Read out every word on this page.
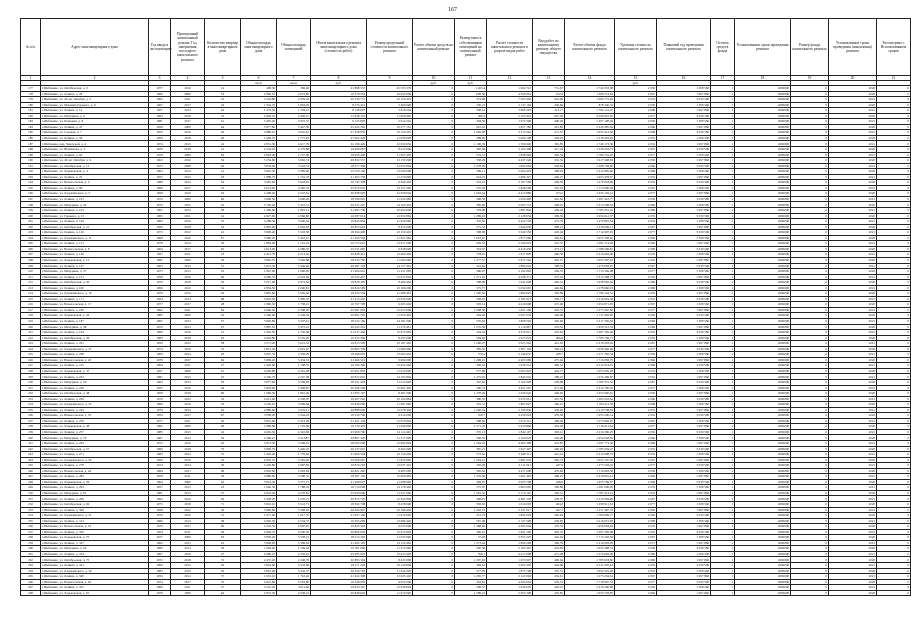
167
№ п/п	Адрес многоквартирного дома	Год ввода в эксплуатацию	Проведенный капитальный ремонт/ Год завершения последнего капитального ремонта	Количество квартир в многоквартирном доме	Общая площадь многоквартирного дома	Общая площадь помещений	Объем капитального ремонта многоквартирного дома (стоимость работ)	Размер предельной стоимости капитального ремонта	Расчет объема средств на капитальный ремонт	Размер взноса собственников помещений на капитальный ремонт	Расчет стоимости капитального ремонта в разрезе видов работ	Вид работ по капитальному ремонту общего имущества	Расчет объема фонда капитального ремонта	Удельная стоимость капитального ремонта	Плановый год проведения капитального ремонта	Остаток средств фонда	Установленные сроки проведения ремонта	Размер фонда капитального ремонта	Установленные сроки проведения (накопления) ремонта	Рассмотрено с Использованием сроков
1	2	3	4	5	6	7	8	9	10	11	12	13	14	15	16	17	18	19	20	21
					кв.м	кв.м	руб.		руб.	руб.				руб.						
177	г.Шебекино, ул. Октябрьская, д. 9	1977	2016	14	408,30	369,40	21 898 537	45 533 379	0	1 263,4	1 664 721	751,67	1 742 953,08	2 030	1 308 560	1	2000000	0	2020	0
178	г.Шебекино, ул. Ленина, д. 28	1960	2009	53	2 840,10	2 615,80	16 278 263	10 654 000	0	609,58	4 459 961	472,8	1 288 714,64	2 067	1 997 860	1	2000000	0	2020	0
179	г.Шебекино, ул. 40 лет Октября, д. 5	1962	2011	16	3 244,80	2 976,43	26 736 751	10 150 401	0	374,08	7 305 962	601,69	1 906 772,04	2 076	3 030 590	1	2000000	0	2021	0
180	г.Шебекино, ул. Максима Горького, д. 9	1967	2017	34	1 934,70	1 818,20	8 276 413	5 460 000	0	330,21	2 137 164	430,66	878 340,53	2 030	1 308 560	1	2000000	0	2020	0
181	г.Шебекино, ул. Ленина, д. 12	1957	2014	44	1 475,50	1 359,41	8 148 097	2 616 004	0	308,61	5 096 293	413,17	1 794 131,47	2 068	1 997 860	1	2000000	0	2021	0
182	г.Шебекино, ул. Мичурина, д. 6	1963	2018	16	4 920,10	4 458,27	11 938 154	11 000 000	0	380,4	2 105 941	607,59	3 290 810,95	2 077	3 030 590	1	2000000	0	2020	0
183	г.Шебекино, ул. Парковая, д. 8	1981	2017	41	3 281,40	3 019,57	6 125 803	2 614 201	0	304,39	1 670 308	400,18	1 297 108,04	2 030	1 308 560	1	2000000	0	2021	0
184	г.Шебекино, ул. Ленина, д. 47	1958	2008	64	5 877,80	5 447,30	25 445 302	16 277 101	0	601,16	1 857 180	412,85	2 228 485,94	2 066	1 997 860	1	2000000	0	2020	0
185	г.Шебекино, ул. Садовая, д. 7	1970	2010	46	3 880,10	3 610,91	27 238 659	10 150 401	0	1 049,28	2 113 542	471,37	1 955 412,02	2 068	3 030 590	1	2000000	0	2021	0
186	г.Шебекино, ул. Ленина, д. 58	1959	2018	60	1 958,70	1 777,93	27 962 429	11 058 000	0	289,06	5 066 108	394,25	1 278 401,45	2 076	1 308 560	1	2000000	0	2020	0
187	г.Шебекино, пер. Заводской, д. 4	1974	2013	24	4 951,50	4 617,79	22 196 426	12 650 054	0	1 100,59	1 769 626	381,85	1 740 173,36	2 032	1 997 860	1	2000000	0	2021	0
188	г.Шебекино, ул. Шумилова, д. 3	1976	2018	31	4 524,10	4 179,88	16 668 087	8 413 000	0	382,48	2 192 308	417,24	1 228 301,73	2 067	3 030 590	1	2000000	0	2020	0
189	г.Шебекино, ул. Ленина, д. 60	1978	2009	64	2 963,00	2 727,49	18 956 400	11 097 430	0	576,31	1 838 964	402,54	1 786 710,20	2 077	1 308 560	1	2000000	0	2021	0
190	г.Шебекино, ул. 40 лет Октября, д. 9	1963	2016	54	3 254,80	3 002,74	20 832 537	13 156 000	0	358,29	4 437 226	432,56	1 917 648,83	2 030	1 997 860	1	2000000	0	2020	0
191	г.Шебекино, ул. Октябрьская, д. 12	1975	2008	65	3 834,90	3 524,74	18 277 306	12 652 804	0	1 270,09	1 692 063	458,94	1 298 702,60	2 066	3 030 590	1	2000000	0	2021	0
192	г.Шебекино, ул. Харьковская, д. 4	1964	2014	14	5 810,30	5 385,46	12 550 102	13 040 000	0	396,11	5 064 419	398,93	2 212 805,66	2 068	1 308 560	1	2000000	0	2020	0
193	г.Шебекино, ул. Ленина, д. 70	1955	2015	18	1 888,70	1 716,33	21 463 738	11 270 000	0	624,19	1 686 327	446,27	1 953 478,67	2 076	1 997 860	1	2000000	0	2021	0
194	г.Шебекино, ул. Нежегольская, д. 2	1980	2012	54	3 965,60	3 643,65	16 745 308	9 640 402	0	352,41	2 197 590	409,59	1 279 218,96	2 032	3 030 590	1	2000000	0	2020	0
195	г.Шебекино, ул. Ленина, д. 89	1968	2017	51	4 614,60	4 282,53	25 972 016	13 151 000	0	576,03	1 828 508	391,01	1 713 090,04	2 067	1 308 560	1	2000000	0	2021	0
196	г.Шебекино, ул. Дзержинского, д. 5	1959	2010	24	2 408,40	2 210,61	20 838 605	12 658 004	0	1 064,44	4 415 880	473,2	1 956 104,12	2 077	1 997 860	1	2000000	0	2020	0
197	г.Шебекино, ул. Ленина, д. 101	1972	2009	66	3 890,50	3 600,26	18 596 010	11 034 000	0	308,58	1 656 420	401,02	1 287 441,77	2 030	3 030 590	1	2000000	0	2021	0
198	г.Шебекино, ул. Мичурина, д. 24	1979	2015	45	5 792,40	5 341,51	26 231 207	14 160 401	0	385,96	5 063 731	448,25	2 213 508,54	2 066	1 308 560	1	2000000	0	2020	0
199	г.Шебекино, ул. Ленина, д. 103	1961	2013	58	1 990,60	1 816,11	21 965 706	10 654 000	0	578,08	1 881 842	439,43	1 785 431,41	2 068	1 997 860	1	2000000	0	2021	0
200	г.Шебекино, ул. Горького, д. 15	1965	2011	14	4 927,00	4 566,82	16 287 014	12 652 804	0	1 289,02	2 128 054	399,35	1 954 612,37	2 076	3 030 590	1	2000000	0	2020	0
201	г.Шебекино, ул. Ленина, д. 120	1982	2016	55	3 288,30	3 040,44	19 845 804	11 050 000	0	355,82	4 422 743	472,79	1 270 881,54	2 032	1 308 560	1	2000000	0	2021	0
202	г.Шебекино, ул. Октябрьская, д. 21	1956	2018	54	2 865,60	2 663,83	26 853 604	8 474 000	0	575,52	1 644 036	408,14	2 218 000,11	2 067	1 997 860	1	2000000	0	2020	0
203	г.Шебекино, ул. Ленина, д. 126	1973	2012	41	3 828,40	3 518,58	18 294 400	10 150 401	0	398,06	5 040 558	445,04	1 714 907,91	2 077	3 030 590	1	2000000	0	2021	0
204	г.Шебекино, ул. Дзержинского, д. 11	1969	2010	67	5 800,20	5 401,47	21 450 502	11 651 040	0	1 091,47	1 877 096	392,01	1 955 330,42	2 030	1 308 560	1	2000000	0	2020	0
205	г.Шебекино, ул. Ленина, д. 131	1978	2014	30	1 884,90	1 701,23	16 775 001	13 071 000	0	629,53	2 166 019	437,37	1 281 714,28	2 066	1 997 860	1	2000000	0	2021	0
206	г.Шебекино, ул. Нежегольская, д. 8	1964	2017	65	4 613,90	4 280,53	25 911 090	9 658 000	0	353,67	4 419 430	473,71	1 788 506,81	2 068	3 030 590	1	2000000	0	2020	0
207	г.Шебекино, ул. Ленина, д. 140	1957	2011	23	2 412,70	2 213,42	20 848 412	12 690 402	0	578,22	1 617 805	400,58	2 214 063,90	2 076	1 308 560	1	2000000	0	2021	0
208	г.Шебекино, ул. Харьковская, д. 15	1981	2009	56	3 865,70	3 562,88	18 532 706	11 064 000	0	1 277,37	5 071 542	445,15	1 953 287,43	2 032	1 997 860	1	2000000	0	2020	0
209	г.Шебекино, ул. Ленина, д. 147	1963	2015	51	5 874,30	5 436,40	26 287 102	14 157 401	0	341,04	1 894 016	398,31	1 276 802,25	2 067	3 030 590	1	2000000	0	2021	0
210	г.Шебекино, ул. Мичурина, д. 37	1975	2013	19	1 967,90	1 806,95	21 904 601	11 251 000	0	596,97	2 192 802	436,53	1 713 549,08	2 077	1 308 560	1	2000000	0	2020	0
211	г.Шебекино, ул. Ленина, д. 151	1958	2016	60	4 906,70	4 543,04	16 222 407	12 612 804	0	1 271,25	4 438 371	475,22	2 215 308,77	2 030	1 997 860	1	2000000	0	2021	0
212	г.Шебекино, ул. Октябрьская, д. 30	1970	2018	36	3 217,00	2 973,62	19 878 305	8 490 402	0	308,99	1 641 928	402,12	1 958 002,64	2 066	3 030 590	1	2000000	0	2020	0
213	г.Шебекино, ул. Ленина, д. 160	1966	2012	54	2 854,50	2 640,81	26 824 509	10 166 000	0	575,77	5 034 667	446,64	1 278 660,19	2 068	1 308 560	1	2000000	0	2021	0
214	г.Шебекино, ул. Дзержинского, д. 19	1979	2010	42	3 881,80	3 595,46	18 222 504	11 688 401	0	1 260,02	1 860 025	395,89	1 786 144,51	2 076	1 997 860	1	2000000	0	2020	0
215	г.Шебекино, ул. Ленина, д. 171	1954	2014	68	5 822,50	5 385,55	21 413 302	13 034 000	0	358,91	2 182 913	439,71	2 216 091,36	2 032	3 030 590	1	2000000	0	2021	0
216	г.Шебекино, ул. Нежегольская, д. 17	1977	2017	28	1 890,30	1 738,21	16 797 708	9 603 404	0	593,14	4 419 608	472,06	1 954 871,05	2 067	1 308 560	1	2000000	0	2020	0
217	г.Шебекино, ул. Ленина, д. 180	1962	2011	64	4 660,40	4 300,20	25 991 003	12 613 000	0	1 298,38	1 621 190	403,37	1 273 447,82	2 077	1 997 860	1	2000000	0	2021	0
218	г.Шебекино, ул. Харьковская, д. 26	1985	2009	22	2 440,60	2 249,59	20 891 705	11 050 402	0	304,46	5 007 034	449,48	1 711 902,90	2 030	3 030 590	1	2000000	0	2020	0
219	г.Шебекино, ул. Ленина, д. 187	1967	2015	57	3 820,80	3 507,12	18 522 106	14 181 000	0	570,63	1 868 502	392,66	2 217 356,63	2 066	1 308 560	1	2000000	0	2021	0
220	г.Шебекино, ул. Мичурина, д. 48	1972	2013	47	5 887,10	5 472,41	26 245 201	11 276 401	0	1 276,58	2 116 807	433,52	1 950 512,33	2 068	1 997 860	1	2000000	0	2020	0
221	г.Шебекино, ул. Ленина, д. 194	1960	2016	21	1 905,50	1 750,09	21 917 402	12 675 804	0	344,19	4 476 011	476,63	1 287 105,49	2 076	3 030 590	1	2000000	0	2021	0
222	г.Шебекино, ул. Октябрьская, д. 39	1983	2018	63	4 924,80	4 555,65	16 252 306	8 455 000	0	594,02	1 625 019	406,8	1 783 766,71	2 032	1 308 560	1	2000000	0	2020	0
223	г.Шебекино, ул. Ленина, д. 201	1956	2012	38	3 271,40	3 021,53	19 813 505	10 187 402	0	1 260,27	5 023 344	441,03	2 218 203,92	2 067	1 997 860	1	2000000	0	2021	0
224	г.Шебекино, ул. Дзержинского, д. 27	1974	2010	55	2 813,20	2 601,67	26 865 709	11 680 000	0	385,35	1 857 118	394,13	1 956 440,06	2 077	3 030 590	1	2000000	0	2020	0
225	г.Шебекино, ул. Ленина, д. 208	1969	2014	43	3 847,70	3 558,29	18 268 003	13 065 401	0	570,4	2 146 037	438,7	1 271 302,34	2 030	1 308 560	1	2000000	0	2021	0
226	г.Шебекино, ул. Нежегольская, д. 26	1978	2017	66	5 899,40	5 454,33	21 466 501	9 696 000	0	1 298,01	4 403 209	475,04	1 716 058,75	2 066	1 997 860	1	2000000	0	2020	0
227	г.Шебекино, ул. Ленина, д. 215	1964	2011	27	1 920,60	1 768,70	16 784 306	12 654 402	0	369,18	1 639 513	400,53	2 212 614,19	2 068	3 030 590	1	2000000	0	2021	0
228	г.Шебекино, ул. Харьковская, д. 37	1957	2009	61	4 640,80	4 291,48	25 951 802	11 010 000	0	577,06	5 063 416	444,77	1 955 005,28	2 076	1 308 560	1	2000000	0	2020	0
229	г.Шебекино, ул. Ленина, д. 222	1981	2015	25	2 430,70	2 247,38	20 872 601	14 103 804	0	1 275,91	1 845 001	398,47	1 276 409,87	2 032	1 997 860	1	2000000	0	2021	0
230	г.Шебекино, ул. Мичурина, д. 59	1963	2013	58	3 877,60	3 569,93	18 531 403	11 212 000	0	347,62	2 104 028	430,08	1 780 351,52	2 067	3 030 590	1	2000000	0	2020	0
231	г.Шебекино, ул. Ленина, д. 229	1975	2016	44	5 803,90	5 348,87	26 296 508	12 601 402	0	590,73	4 421 507	471,46	2 214 700,45	2 077	1 308 560	1	2000000	0	2021	0
232	г.Шебекино, ул. Октябрьская, д. 48	1958	2018	69	1 969,30	1 810,26	21 955 107	8 481 000	0	1 278,49	1 636 042	404,92	1 953 660,91	2 030	1 997 860	1	2000000	0	2020	0
233	г.Шебекино, ул. Ленина, д. 236	1970	2012	32	4 915,40	4 550,07	16 207 202	10 104 804	0	380,55	5 035 612	447,35	1 285 016,62	2 066	3 030 590	1	2000000	0	2021	0
234	г.Шебекино, ул. Дзержинского, д. 35	1966	2010	53	3 256,10	3 009,84	19 849 006	11 687 000	0	591,31	1 893 027	396,21	1 784 211,78	2 068	1 308 560	1	2000000	0	2020	0
235	г.Шебекино, ул. Ленина, д. 243	1979	2014	40	2 886,90	2 676,11	26 888 009	13 078 402	0	1 260,34	2 196 830	436,92	2 219 558,33	2 076	1 997 860	1	2000000	0	2021	0
236	г.Шебекино, ул. Нежегольская, д. 35	1954	2017	67	3 838,20	3 544,22	18 259 706	9 616 000	0	359,7	4 459 024	478,38	1 955 200,14	2 032	3 030 590	1	2000000	0	2020	0
237	г.Шебекино, ул. Ленина, д. 250	1977	2011	26	5 851,60	5 413,29	21 421 102	12 670 804	0	588,82	1 614 315	409,49	1 273 902,07	2 067	1 308 560	1	2000000	0	2021	0
238	г.Шебекино, ул. Харьковская, д. 48	1962	2009	60	1 899,80	1 745,96	16 730 403	11 040 000	0	1 271,43	5 010 806	443,18	1 718 411,64	2 077	1 997 860	1	2000000	0	2020	0
239	г.Шебекино, ул. Ленина, д. 257	1985	2015	24	4 665,50	4 322,69	25 968 700	14 114 402	0	370,13	1 842 107	393,12	2 216 306,25	2 030	3 030 590	1	2000000	0	2021	0
240	г.Шебекино, ул. Мичурина, д. 70	1967	2013	59	2 409,10	2 211,87	20 807 305	11 217 000	0	596,55	2 160 022	432,29	1 952 002,81	2 066	1 308 560	1	2000000	0	2020	0
241	г.Шебекино, ул. Ленина, д. 264	1972	2016	45	3 813,30	3 508,91	18 505 008	12 692 804	0	1 294,18	4 402 308	474,87	1 287 773,36	2 068	1 997 860	1	2000000	0	2021	0
242	г.Шебекино, ул. Октябрьская, д. 57	1960	2018	70	5 869,70	5 426,22	26 237 601	8 402 000	0	387,21	1 627 407	400,02	1 785 604,47	2 076	3 030 590	1	2000000	0	2020	0
243	г.Шебекино, ул. Ленина, д. 271	1983	2012	31	1 926,40	1 770,46	21 960 504	10 150 402	0	573,62	5 048 511	441,41	2 210 908,73	2 032	1 308 560	1	2000000	0	2021	0
244	г.Шебекино, ул. Дзержинского, д. 43	1956	2010	52	4 935,10	4 581,26	16 206 607	11 655 000	0	1 264,21	1 881 032	395,73	1 953 107,02	2 067	1 997 860	1	2000000	0	2020	0
245	г.Шебекино, ул. Ленина, д. 278	1974	2014	39	3 229,80	2 987,83	19 876 203	13 037 401	0	350,03	2 111 041	437,9	1 275 504,19	2 077	3 030 590	1	2000000	0	2021	0
246	г.Шебекино, ул. Нежегольская, д. 44	1969	2017	68	2 818,60	2 603,94	26 821 402	9 685 000	0	595,62	4 471 608	476,06	1 716 803,58	2 030	1 308 560	1	2000000	0	2020	0
247	г.Шебекино, ул. Ленина, д. 285	1978	2011	29	3 889,90	3 590,76	18 287 105	12 609 804	0	1 276,09	1 661 403	408,25	2 218 852,14	2 066	1 997 860	1	2000000	0	2021	0
248	г.Шебекино, ул. Харьковская, д. 59	1964	2009	62	5 814,50	5 377,15	21 498 607	11 098 000	0	382,76	5 023 708	448,6	1 955 766,37	2 068	3 030 590	1	2000000	0	2020	0
249	г.Шебекино, ул. Ленина, д. 292	1957	2015	23	1 940,30	1 788,45	16 710 008	14 178 402	0	575,07	1 863 005	399,86	1 281 006,95	2 076	1 308 560	1	2000000	0	2021	0
250	г.Шебекино, ул. Мичурина, д. 81	1981	2013	57	4 623,40	4 270,81	25 939 006	11 221 000	0	1 291,52	2 174 107	430,31	1 787 313,21	2 032	1 997 860	1	2000000	0	2020	0
251	г.Шебекино, ул. Ленина, д. 299	1963	2016	46	2 458,20	2 270,13	20 815 705	12 645 804	0	368,91	4 481 502	478,57	2 210 304,06	2 067	3 030 590	1	2000000	0	2021	0
252	г.Шебекино, ул. Октябрьская, д. 66	1975	2018	71	3 843,10	3 541,71	18 592 708	8 458 000	0	583,02	1 616 003	404,3	1 958 911,52	2 077	1 308 560	1	2000000	0	2020	0
253	г.Шебекино, ул. Ленина, д. 306	1958	2012	30	5 806,80	5 369,43	26 204 907	10 186 402	0	1 262,15	5 011 017	447,7	1 271 407,72	2 030	1 997 860	1	2000000	0	2021	0
254	г.Шебекино, ул. Дзержинского, д. 51	1970	2010	51	1 977,60	1 817,70	21 937 106	11 610 000	0	351,73	1 892 603	392,94	1 780 009,17	2 066	3 030 590	1	2000000	0	2020	0
255	г.Шебекино, ул. Ленина, д. 313	1966	2014	38	4 902,30	4 534,37	16 265 609	13 086 402	0	597,48	2 147 508	439,83	2 216 651,83	2 068	1 308 560	1	2000000	0	2021	0
256	г.Шебекино, ул. Нежегольская, д. 53	1979	2017	69	3 243,50	2 997,22	19 843 502	9 633 000	0	1 288,66	4 405 004	470,55	1 956 004,44	2 076	1 997 860	1	2000000	0	2020	0
257	г.Шебекино, ул. Ленина, д. 320	1954	2011	28	2 849,70	2 630,50	26 890 003	12 674 804	0	366,61	1 641 106	405,76	1 287 209,68	2 032	3 030 590	1	2000000	0	2021	0
258	г.Шебекино, ул. Харьковская, д. 70	1977	2009	63	3 850,40	3 558,15	18 213 302	11 033 000	0	574,8	5 053 207	442,04	1 715 202,56	2 067	1 308 560	1	2000000	0	2020	0
259	г.Шебекино, ул. Ленина, д. 327	1962	2015	22	5 828,20	5 399,63	21 405 103	14 150 402	0	1 273,44	1 896 208	390,79	2 219 003,29	2 077	1 997 860	1	2000000	0	2021	0
260	г.Шебекино, ул. Мичурина, д. 92	1985	2013	56	1 904,40	1 749,43	16 781 606	11 272 000	0	350,58	2 185 407	433,94	1 953 408,73	2 030	3 030 590	1	2000000	0	2020	0
261	г.Шебекино, ул. Ленина, д. 334	1967	2016	47	4 680,10	4 335,22	25 985 002	12 613 402	0	599,1	4 417 008	471,28	1 276 602,09	2 066	1 308 560	1	2000000	0	2021	0
262	г.Шебекино, ул. Октябрьская, д. 75	1972	2018	72	2 437,40	2 248,79	20 893 504	8 433 000	0	1 297,92	1 653 607	400,64	1 785 018,82	2 068	1 997 860	1	2000000	0	2020	0
263	г.Шебекино, ул. Ленина, д. 341	1960	2012	29	3 824,60	3 533,08	18 571 203	10 120 804	0	384,63	5 002 405	444,96	2 211 605,43	2 076	3 030 590	1	2000000	0	2021	0
264	г.Шебекино, ул. Дзержинского, д. 59	1983	2010	50	5 861,90	5 432,37	26 256 702	11 644 000	0	577,29	1 875 708	397,51	1 954 301,26	2 032	1 308 560	1	2000000	0	2020	0
265	г.Шебекино, ул. Ленина, д. 348	1956	2014	37	1 919,10	1 763,42	21 924 308	13 045 402	0	1 265,77	2 122 004	434,61	1 273 204,61	2 067	1 997 860	1	2000000	0	2021	0
266	г.Шебекино, ул. Нежегольская, д. 62	1974	2017	70	4 947,80	4 591,80	16 248 005	9 652 000	0	363,81	4 494 603	476,19	1 718 907,54	2 077	3 030 590	1	2000000	0	2020	0
267	г.Шебекино, ул. Ленина, д. 355	1969	2011	27	3 261,20	3 011,66	19 810 307	12 638 804	0	598,37	1 636 005	403,47	2 216 200,98	2 030	1 308 560	1	2000000	0	2021	0
268	г.Шебекино, ул. Харьковская, д. 81	1978	2009	64	2 872,30	2 658,41	26 848 602	11 076 000	0	1 289,19	5 065 308	445,82	1 950 703,85	2 066	1 997 860	1	2000000	0	2020	0
